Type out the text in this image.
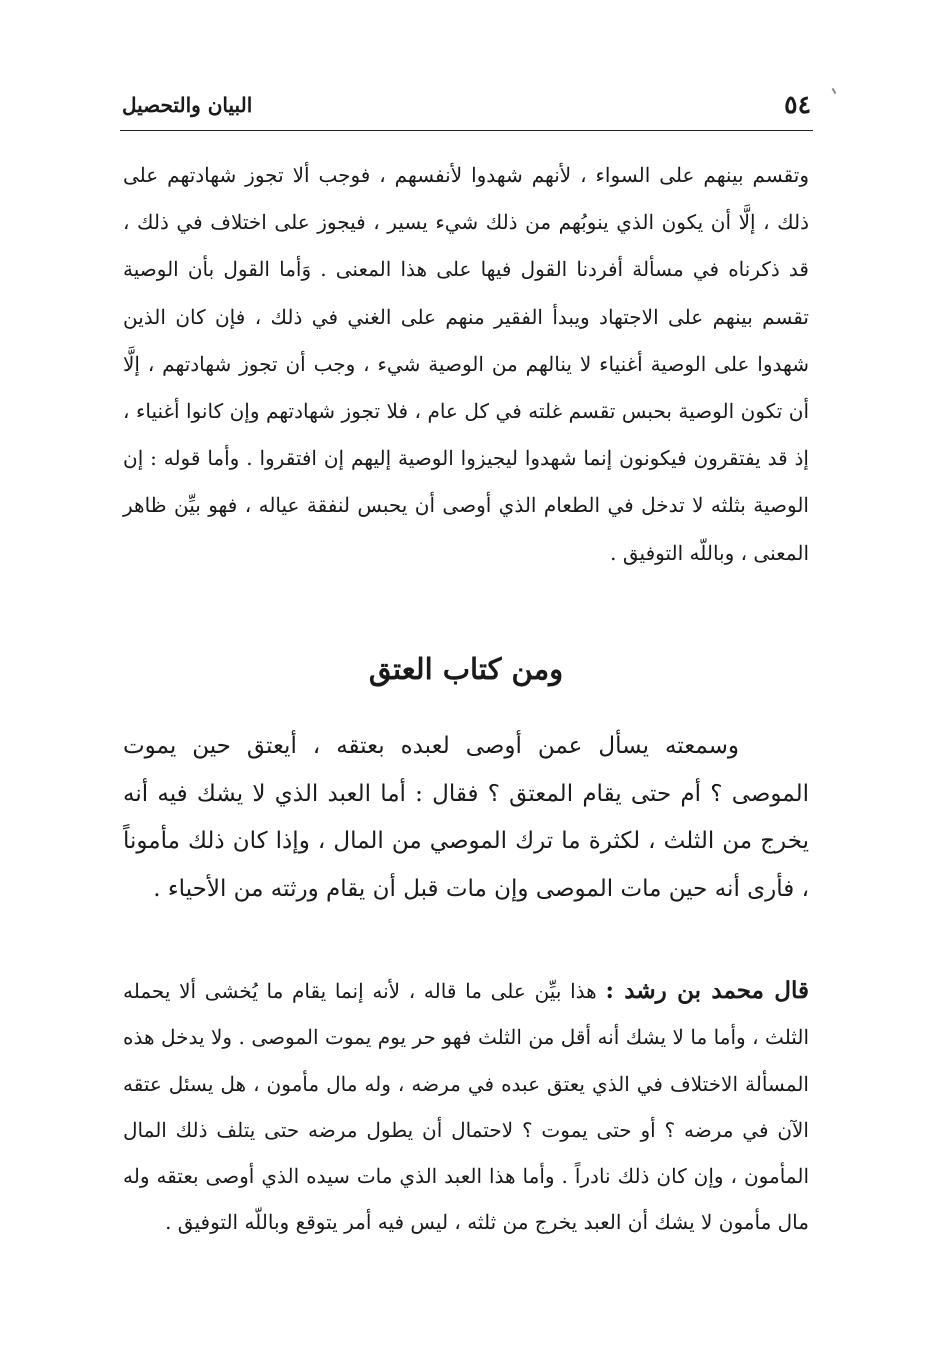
٥٤
البيان والتحصيل

وتقسم بينهم على السواء ، لأنهم شهدوا لأنفسهم ، فوجب ألا تجوز شهادتهم على ذلك ، إلَّا أن يكون الذي ينوبُهم من ذلك شيء يسير ، فيجوز على اختلاف في ذلك ، قد ذكرناه في مسألة أفردنا القول فيها على هذا المعنى . وَأما القول بأن الوصية تقسم بينهم على الاجتهاد ويبدأ الفقير منهم على الغني في ذلك ، فإن كان الذين شهدوا على الوصية أغنياء لا ينالهم من الوصية شيء ، وجب أن تجوز شهادتهم ، إلَّا أن تكون الوصية بحبس تقسم غلته في كل عام ، فلا تجوز شهادتهم وإن كانوا أغنياء ، إذ قد يفتقرون فيكونون إنما شهدوا ليجيزوا الوصية إليهم إن افتقروا . وأما قوله : إن الوصية بثلثه لا تدخل في الطعام الذي أوصى أن يحبس لنفقة عياله ، فهو بيِّن ظاهر المعنى ، وباللّه التوفيق .

ومن كتاب العتق

وسمعته يسأل عمن أوصى لعبده بعتقه ، أيعتق حين يموت الموصى ؟ أم حتى يقام المعتق ؟ فقال : أما العبد الذي لا يشك فيه أنه يخرج من الثلث ، لكثرة ما ترك الموصي من المال ، وإذا كان ذلك مأموناً ، فأرى أنه حين مات الموصى وإن مات قبل أن يقام ورثته من الأحياء .

قال محمد بن رشد : هذا بيِّن على ما قاله ، لأنه إنما يقام ما يُخشى ألا يحمله الثلث ، وأما ما لا يشك أنه أقل من الثلث فهو حر يوم يموت الموصى . ولا يدخل هذه المسألة الاختلاف في الذي يعتق عبده في مرضه ، وله مال مأمون ، هل يسئل عتقه الآن في مرضه ؟ أو حتى يموت ؟ لاحتمال أن يطول مرضه حتى يتلف ذلك المال المأمون ، وإن كان ذلك نادراً . وأما هذا العبد الذي مات سيده الذي أوصى بعتقه وله مال مأمون لا يشك أن العبد يخرج من ثلثه ، ليس فيه أمر يتوقع وباللّه التوفيق .
